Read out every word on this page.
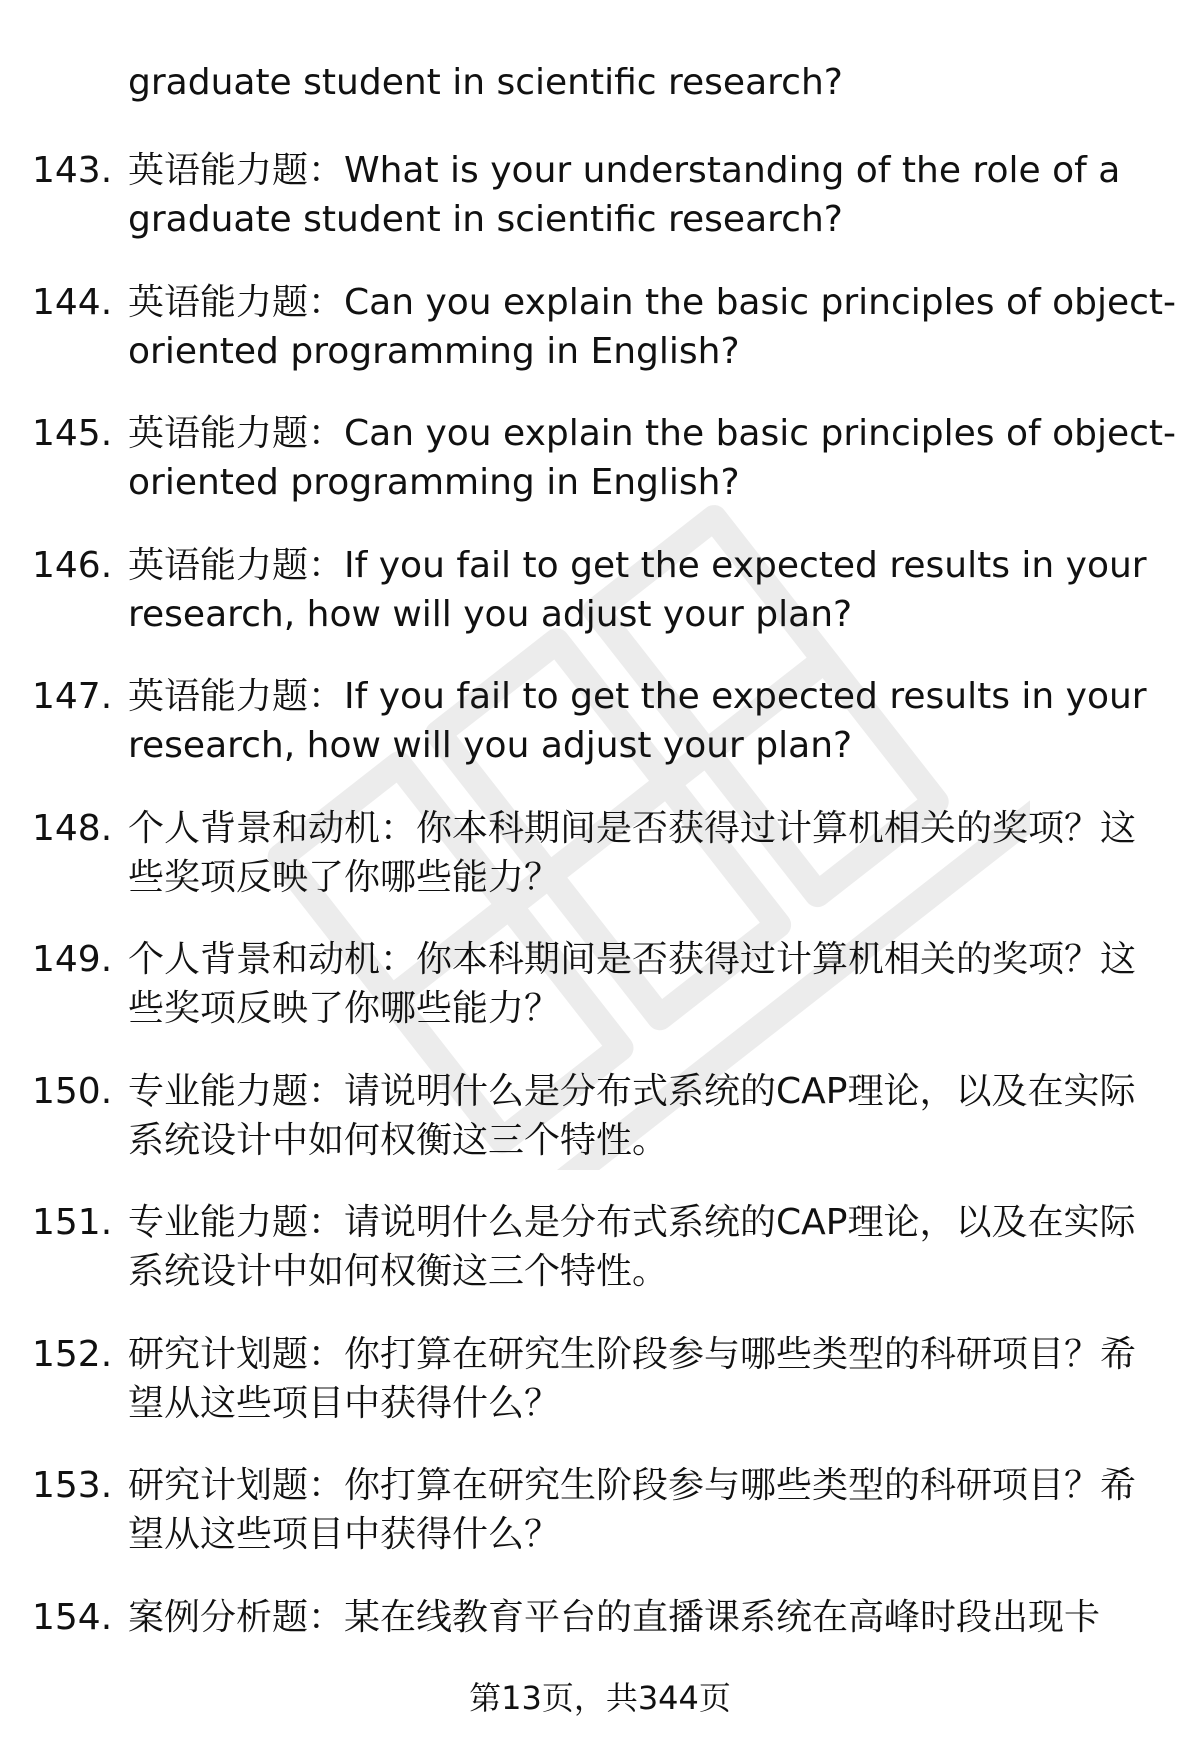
graduate student in scientific research?
143. 英语能力题：What is your understanding of the role of a
graduate student in scientific research?
144. 英语能力题：Can you explain the basic principles of object-
oriented programming in English?
145. 英语能力题：Can you explain the basic principles of object-
oriented programming in English?
146. 英语能力题：If you fail to get the expected results in your
research, how will you adjust your plan?
147. 英语能力题：If you fail to get the expected results in your
research, how will you adjust your plan?
148. 个人背景和动机：你本科期间是否获得过计算机相关的奖项？这
些奖项反映了你哪些能力？
149. 个人背景和动机：你本科期间是否获得过计算机相关的奖项？这
些奖项反映了你哪些能力？
150. 专业能力题：请说明什么是分布式系统的CAP理论，以及在实际
系统设计中如何权衡这三个特性。
151. 专业能力题：请说明什么是分布式系统的CAP理论，以及在实际
系统设计中如何权衡这三个特性。
152. 研究计划题：你打算在研究生阶段参与哪些类型的科研项目？希
望从这些项目中获得什么？
153. 研究计划题：你打算在研究生阶段参与哪些类型的科研项目？希
望从这些项目中获得什么？
154. 案例分析题：某在线教育平台的直播课系统在高峰时段出现卡
第13页，共344页
